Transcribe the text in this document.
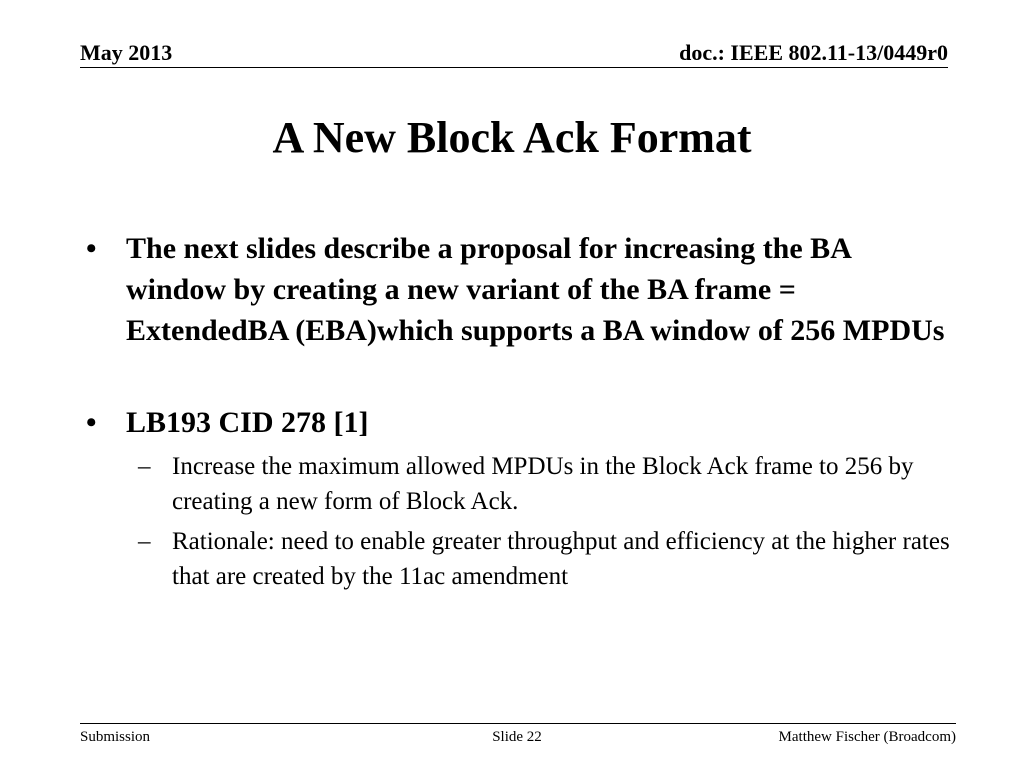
May 2013	doc.: IEEE 802.11-13/0449r0
A New Block Ack Format
• The next slides describe a proposal for increasing the BA window by creating a new variant of the BA frame = ExtendedBA (EBA)which supports a BA window of 256 MPDUs
• LB193 CID 278 [1]
– Increase the maximum allowed MPDUs in the Block Ack frame to 256 by creating a new form of Block Ack.
– Rationale: need to enable greater throughput and efficiency at the higher rates that are created by the 11ac amendment
Submission	Slide 22	Matthew Fischer (Broadcom)
